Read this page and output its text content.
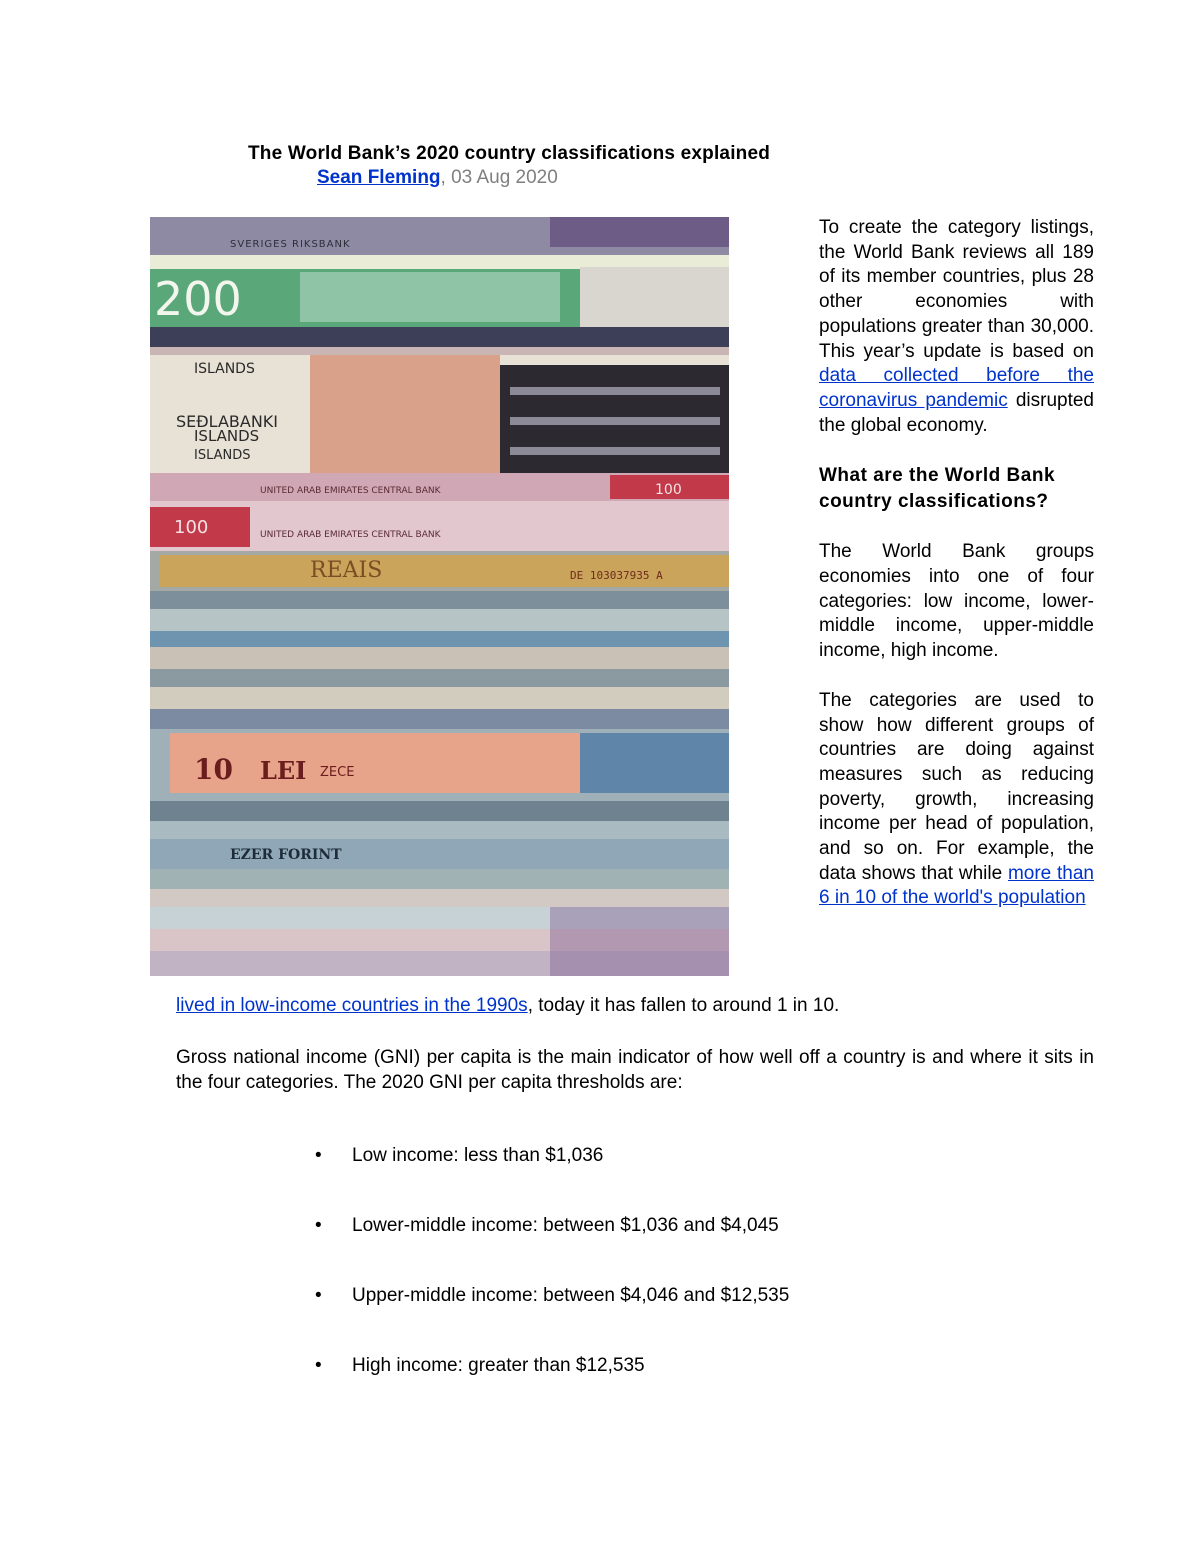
The World Bank’s 2020 country classifications explained
Sean Fleming, 03 Aug 2020
SVERIGES RIKSBANK
200
ISLANDS
SEÐLABANKI
ISLANDS
ISLANDS
UNITED ARAB EMIRATES CENTRAL BANK	100
UNITED ARAB EMIRATES CENTRAL BANK
100
REAIS	DE 103037935 A
10 LEI ZECE
EZER FORINT

To create the category listings, the World Bank reviews all 189 of its member countries, plus 28 other economies with populations greater than 30,000. This year’s update is based on data collected before the coronavirus pandemic disrupted the global economy.

What are the World Bank country classifications?

The World Bank groups economies into one of four categories: low income, lower-middle income, upper-middle income, high income.

The categories are used to show how different groups of countries are doing against measures such as reducing poverty, growth, increasing income per head of population, and so on. For example, the data shows that while more than 6 in 10 of the world's population

lived in low-income countries in the 1990s, today it has fallen to around 1 in 10.
Gross national income (GNI) per capita is the main indicator of how well off a country is and where it sits in the four categories. The 2020 GNI per capita thresholds are:
• Low income: less than $1,036
• Lower-middle income: between $1,036 and $4,045
• Upper-middle income: between $4,046 and $12,535
• High income: greater than $12,535
